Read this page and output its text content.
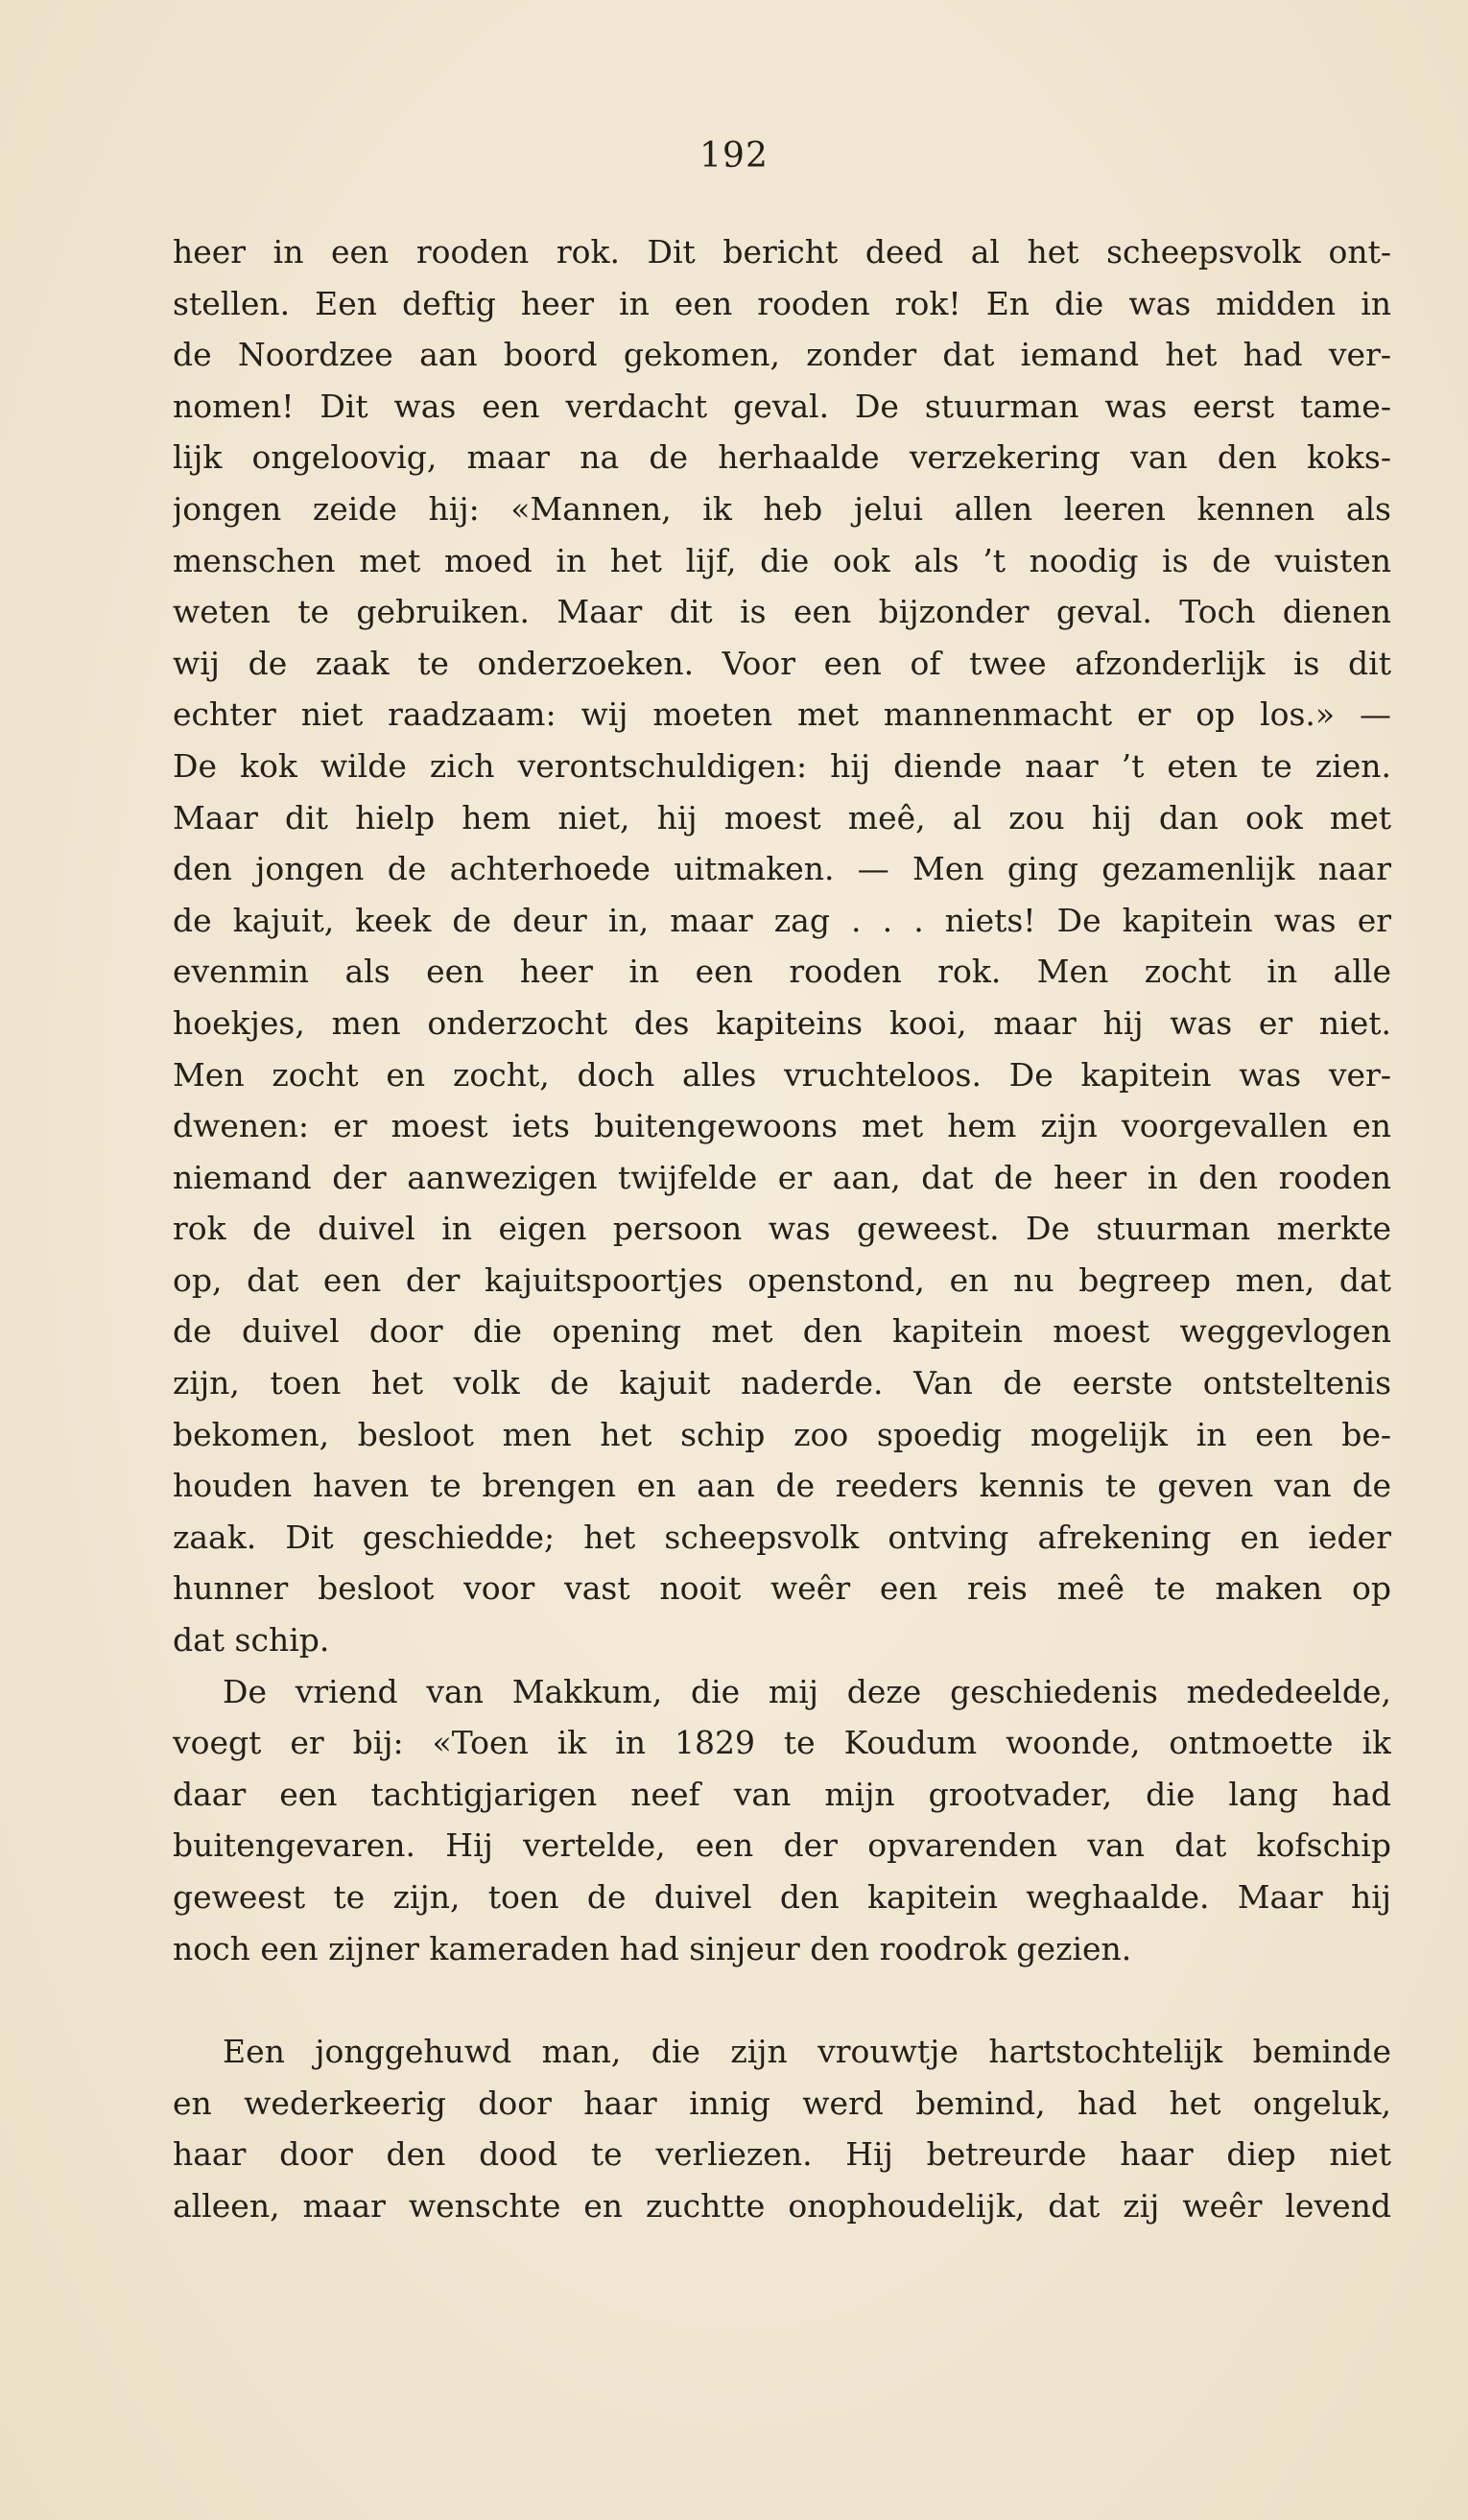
192
heer in een rooden rok. Dit bericht deed al het scheepsvolk ont-
stellen. Een deftig heer in een rooden rok! En die was midden in
de Noordzee aan boord gekomen, zonder dat iemand het had ver-
nomen! Dit was een verdacht geval. De stuurman was eerst tame-
lijk ongeloovig, maar na de herhaalde verzekering van den koks-
jongen zeide hij: «Mannen, ik heb jelui allen leeren kennen als
menschen met moed in het lijf, die ook als ’t noodig is de vuisten
weten te gebruiken. Maar dit is een bijzonder geval. Toch dienen
wij de zaak te onderzoeken. Voor een of twee afzonderlijk is dit
echter niet raadzaam: wij moeten met mannenmacht er op los.» —
De kok wilde zich verontschuldigen: hij diende naar ’t eten te zien.
Maar dit hielp hem niet, hij moest meê, al zou hij dan ook met
den jongen de achterhoede uitmaken. — Men ging gezamenlijk naar
de kajuit, keek de deur in, maar zag . . . niets! De kapitein was er
evenmin als een heer in een rooden rok. Men zocht in alle
hoekjes, men onderzocht des kapiteins kooi, maar hij was er niet.
Men zocht en zocht, doch alles vruchteloos. De kapitein was ver-
dwenen: er moest iets buitengewoons met hem zijn voorgevallen en
niemand der aanwezigen twijfelde er aan, dat de heer in den rooden
rok de duivel in eigen persoon was geweest. De stuurman merkte
op, dat een der kajuitspoortjes openstond, en nu begreep men, dat
de duivel door die opening met den kapitein moest weggevlogen
zijn, toen het volk de kajuit naderde. Van de eerste ontsteltenis
bekomen, besloot men het schip zoo spoedig mogelijk in een be-
houden haven te brengen en aan de reeders kennis te geven van de
zaak. Dit geschiedde; het scheepsvolk ontving afrekening en ieder
hunner besloot voor vast nooit weêr een reis meê te maken op
dat schip.
De vriend van Makkum, die mij deze geschiedenis mededeelde,
voegt er bij: «Toen ik in 1829 te Koudum woonde, ontmoette ik
daar een tachtigjarigen neef van mijn grootvader, die lang had
buitengevaren. Hij vertelde, een der opvarenden van dat kofschip
geweest te zijn, toen de duivel den kapitein weghaalde. Maar hij
noch een zijner kameraden had sinjeur den roodrok gezien.
Een jonggehuwd man, die zijn vrouwtje hartstochtelijk beminde
en wederkeerig door haar innig werd bemind, had het ongeluk,
haar door den dood te verliezen. Hij betreurde haar diep niet
alleen, maar wenschte en zuchtte onophoudelijk, dat zij weêr levend
